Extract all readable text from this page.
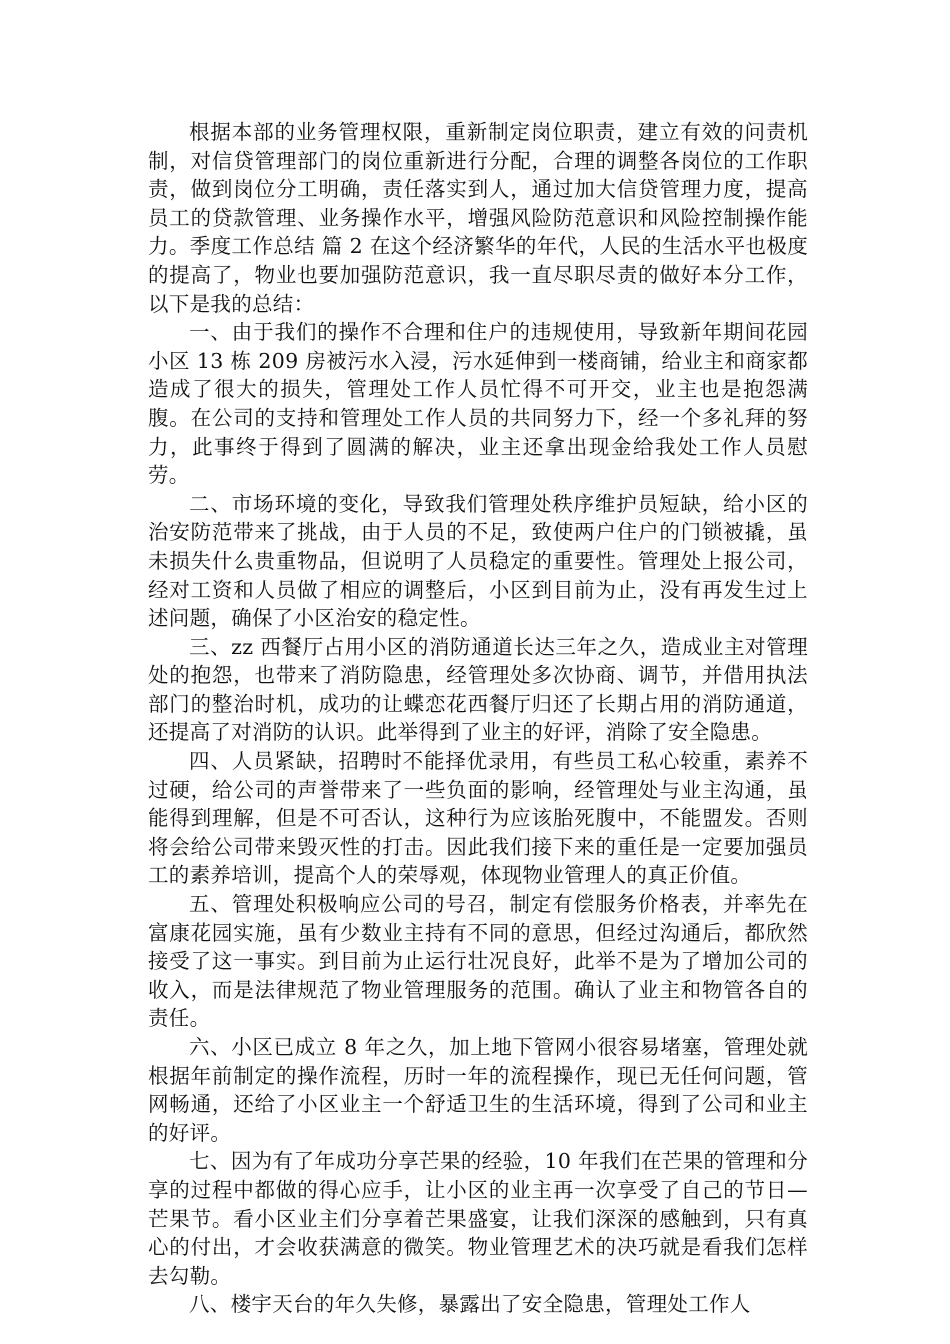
根据本部的业务管理权限，重新制定岗位职责，建立有效的问责机制，对信贷管理部门的岗位重新进行分配，合理的调整各岗位的工作职责，做到岗位分工明确，责任落实到人，通过加大信贷管理力度，提高员工的贷款管理、业务操作水平，增强风险防范意识和风险控制操作能力。季度工作总结 篇 2 在这个经济繁华的年代，人民的生活水平也极度的提高了，物业也要加强防范意识，我一直尽职尽责的做好本分工作，以下是我的总结：

一、由于我们的操作不合理和住户的违规使用，导致新年期间花园小区 13 栋 209 房被污水入浸，污水延伸到一楼商铺，给业主和商家都造成了很大的损失，管理处工作人员忙得不可开交，业主也是抱怨满腹。在公司的支持和管理处工作人员的共同努力下，经一个多礼拜的努力，此事终于得到了圆满的解决，业主还拿出现金给我处工作人员慰劳。

二、市场环境的变化，导致我们管理处秩序维护员短缺，给小区的治安防范带来了挑战，由于人员的不足，致使两户住户的门锁被撬，虽未损失什么贵重物品，但说明了人员稳定的重要性。管理处上报公司，经对工资和人员做了相应的调整后，小区到目前为止，没有再发生过上述问题，确保了小区治安的稳定性。

三、zz 西餐厅占用小区的消防通道长达三年之久，造成业主对管理处的抱怨，也带来了消防隐患，经管理处多次协商、调节，并借用执法部门的整治时机，成功的让蝶恋花西餐厅归还了长期占用的消防通道，还提高了对消防的认识。此举得到了业主的好评，消除了安全隐患。

四、人员紧缺，招聘时不能择优录用，有些员工私心较重，素养不过硬，给公司的声誉带来了一些负面的影响，经管理处与业主沟通，虽能得到理解，但是不可否认，这种行为应该胎死腹中，不能盟发。否则将会给公司带来毁灭性的打击。因此我们接下来的重任是一定要加强员工的素养培训，提高个人的荣辱观，体现物业管理人的真正价值。

五、管理处积极响应公司的号召，制定有偿服务价格表，并率先在富康花园实施，虽有少数业主持有不同的意思，但经过沟通后，都欣然接受了这一事实。到目前为止运行壮况良好，此举不是为了增加公司的收入，而是法律规范了物业管理服务的范围。确认了业主和物管各自的责任。

六、小区已成立 8 年之久，加上地下管网小很容易堵塞，管理处就根据年前制定的操作流程，历时一年的流程操作，现已无任何问题，管网畅通，还给了小区业主一个舒适卫生的生活环境，得到了公司和业主的好评。

七、因为有了年成功分享芒果的经验，10 年我们在芒果的管理和分享的过程中都做的得心应手，让小区的业主再一次享受了自己的节日—芒果节。看小区业主们分享着芒果盛宴，让我们深深的感触到，只有真心的付出，才会收获满意的微笑。物业管理艺术的决巧就是看我们怎样去勾勒。

八、楼宇天台的年久失修，暴露出了安全隐患，管理处工作人
